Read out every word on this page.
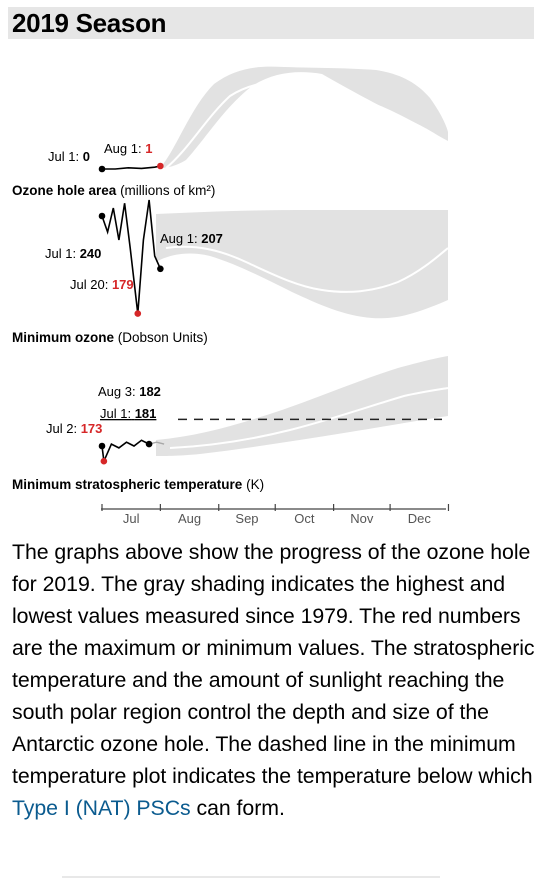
2019 Season
Jul 1: 0
Aug 1: 1
Ozone hole area (millions of km²)
Jul 1: 240
Aug 1: 207
Jul 20: 179
Minimum ozone (Dobson Units)
Aug 3: 182
Jul 1: 181
Jul 2: 173
Minimum stratospheric temperature (K)
Jul	Aug	Sep	Oct	Nov	Dec

The graphs above show the progress of the ozone hole for 2019. The gray shading indicates the highest and lowest values measured since 1979. The red numbers are the maximum or minimum values. The stratospheric temperature and the amount of sunlight reaching the south polar region control the depth and size of the Antarctic ozone hole. The dashed line in the minimum temperature plot indicates the temperature below which Type I (NAT) PSCs can form.
